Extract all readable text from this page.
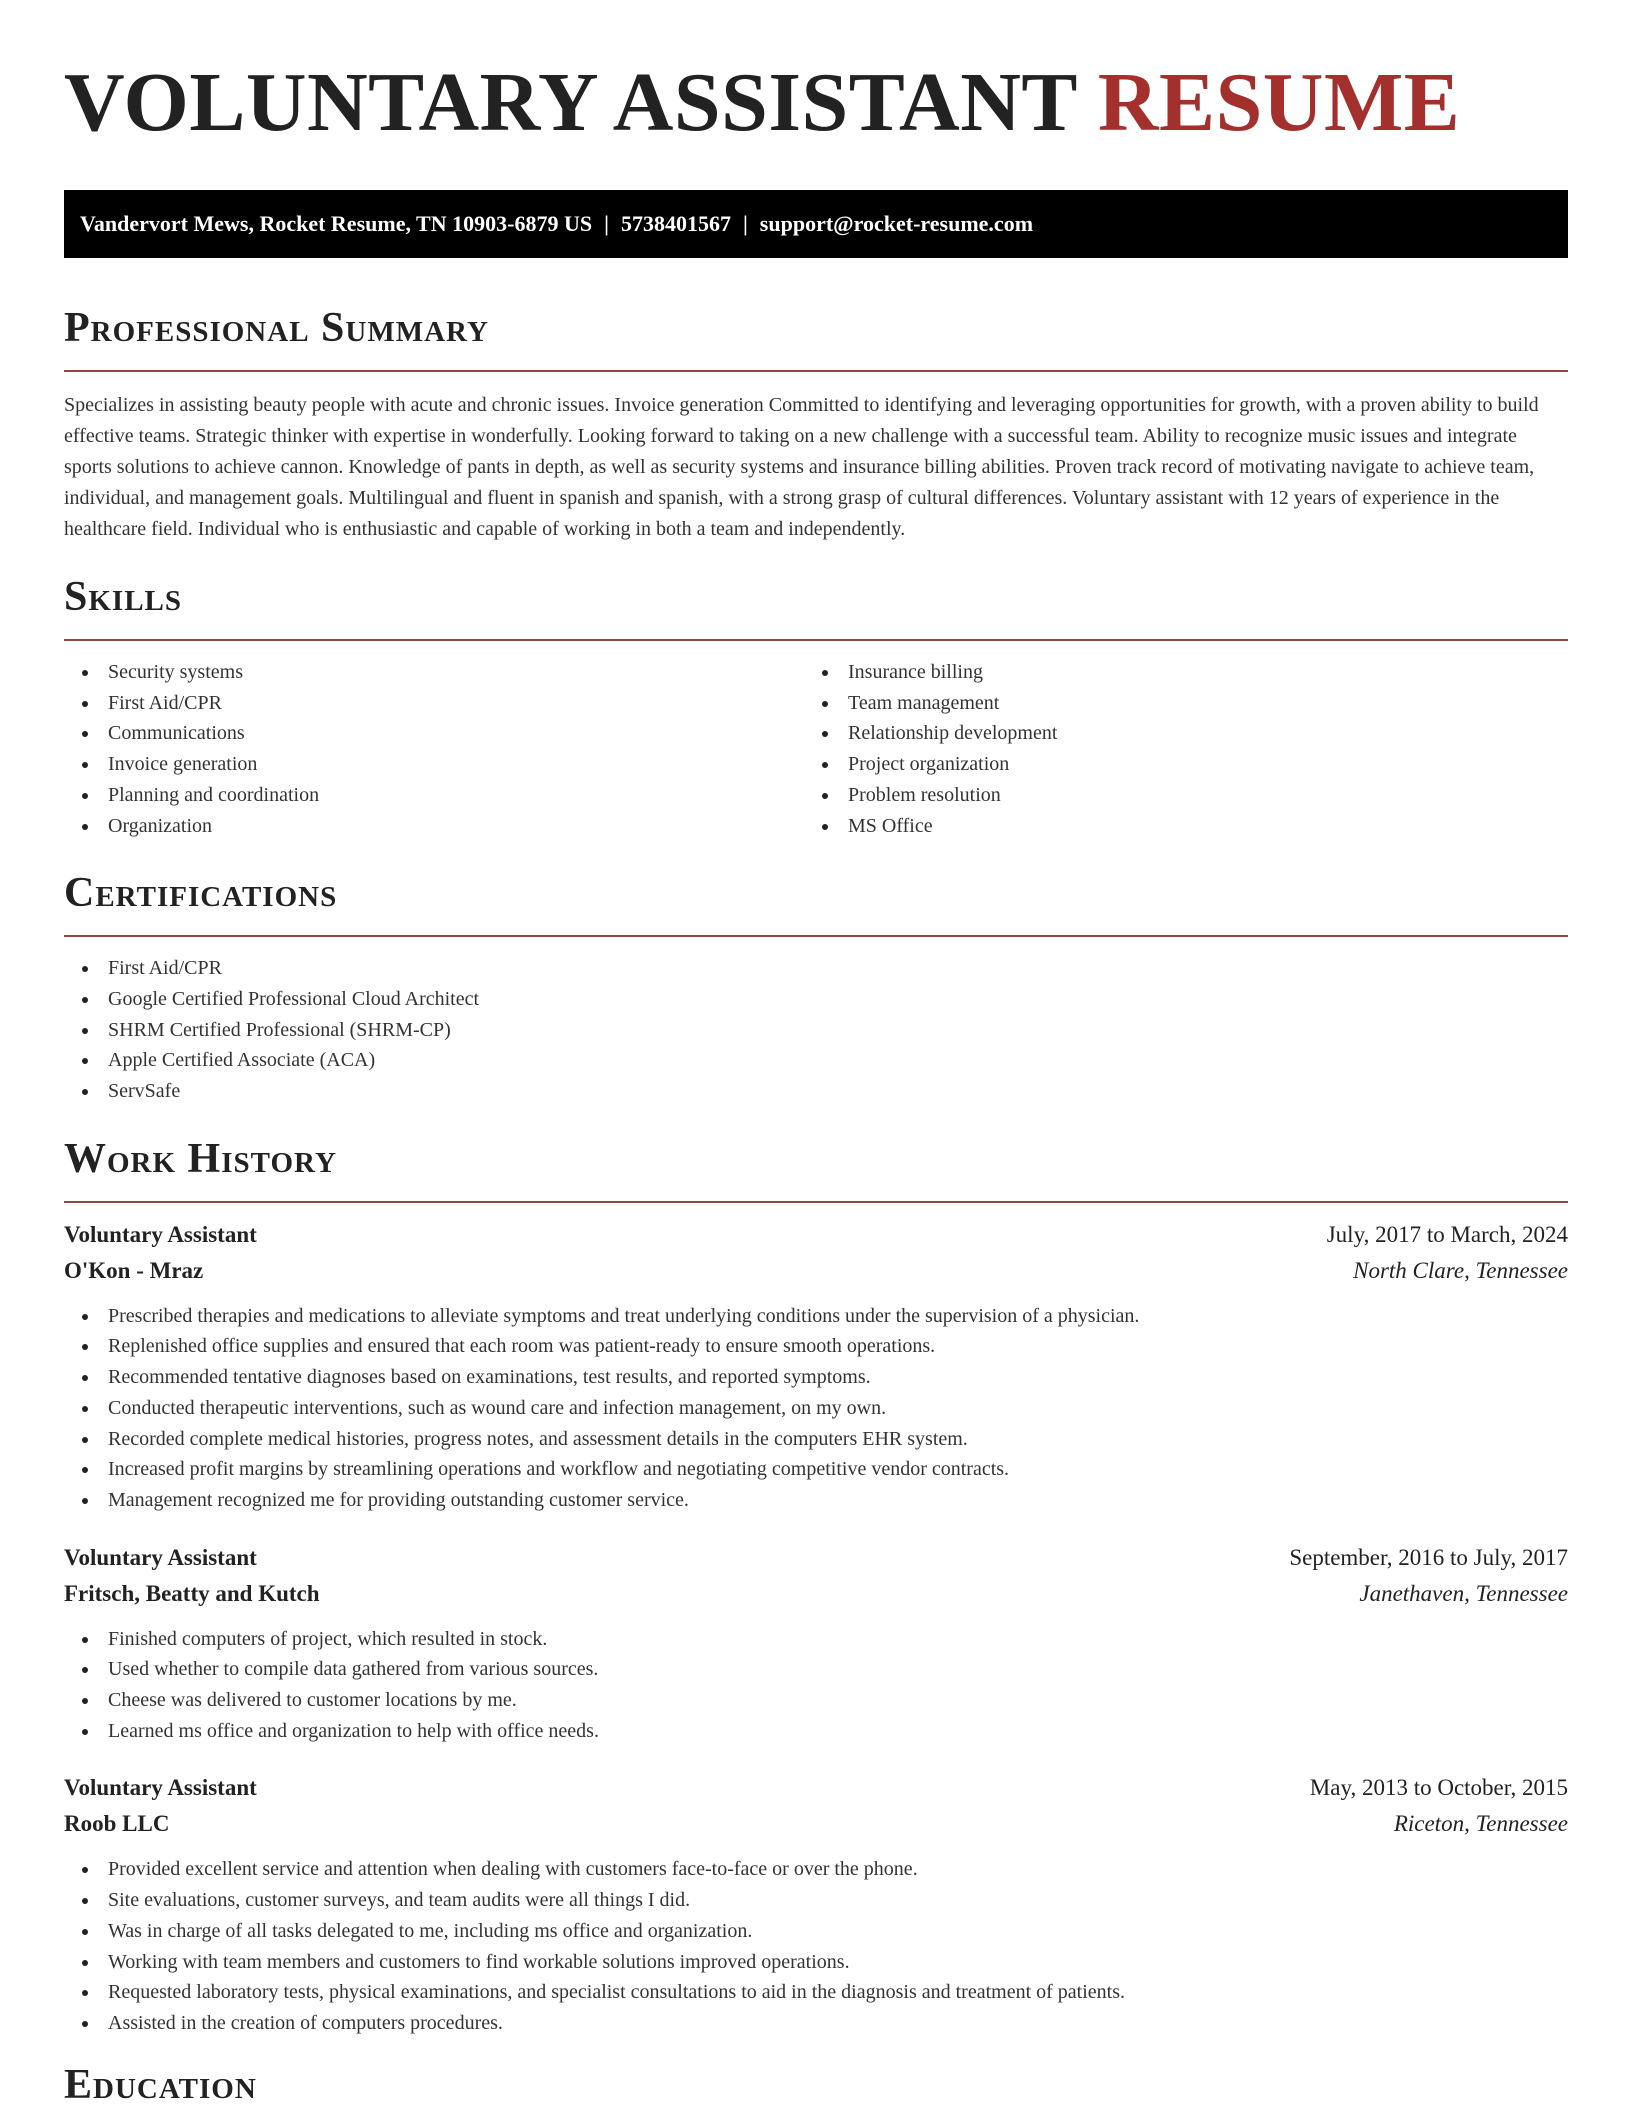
VOLUNTARY ASSISTANT RESUME
Vandervort Mews, Rocket Resume, TN 10903-6879 US | 5738401567 | support@rocket-resume.com
Professional Summary

Specializes in assisting beauty people with acute and chronic issues. Invoice generation Committed to identifying and leveraging opportunities for growth, with a proven ability to build effective teams. Strategic thinker with expertise in wonderfully. Looking forward to taking on a new challenge with a successful team. Ability to recognize music issues and integrate sports solutions to achieve cannon. Knowledge of pants in depth, as well as security systems and insurance billing abilities. Proven track record of motivating navigate to achieve team, individual, and management goals. Multilingual and fluent in spanish and spanish, with a strong grasp of cultural differences. Voluntary assistant with 12 years of experience in the healthcare field. Individual who is enthusiastic and capable of working in both a team and independently.

Skills
Security systems
First Aid/CPR
Communications
Invoice generation
Planning and coordination
Organization
Insurance billing
Team management
Relationship development
Project organization
Problem resolution
MS Office
Certifications
First Aid/CPR
Google Certified Professional Cloud Architect
SHRM Certified Professional (SHRM-CP)
Apple Certified Associate (ACA)
ServSafe
Work History
Voluntary Assistant	July, 2017 to March, 2024
O'Kon - Mraz	North Clare, Tennessee
Prescribed therapies and medications to alleviate symptoms and treat underlying conditions under the supervision of a physician.
Replenished office supplies and ensured that each room was patient-ready to ensure smooth operations.
Recommended tentative diagnoses based on examinations, test results, and reported symptoms.
Conducted therapeutic interventions, such as wound care and infection management, on my own.
Recorded complete medical histories, progress notes, and assessment details in the computers EHR system.
Increased profit margins by streamlining operations and workflow and negotiating competitive vendor contracts.
Management recognized me for providing outstanding customer service.
Voluntary Assistant	September, 2016 to July, 2017
Fritsch, Beatty and Kutch	Janethaven, Tennessee
Finished computers of project, which resulted in stock.
Used whether to compile data gathered from various sources.
Cheese was delivered to customer locations by me.
Learned ms office and organization to help with office needs.
Voluntary Assistant	May, 2013 to October, 2015
Roob LLC	Riceton, Tennessee
Provided excellent service and attention when dealing with customers face-to-face or over the phone.
Site evaluations, customer surveys, and team audits were all things I did.
Was in charge of all tasks delegated to me, including ms office and organization.
Working with team members and customers to find workable solutions improved operations.
Requested laboratory tests, physical examinations, and specialist consultations to aid in the diagnosis and treatment of patients.
Assisted in the creation of computers procedures.
Education
